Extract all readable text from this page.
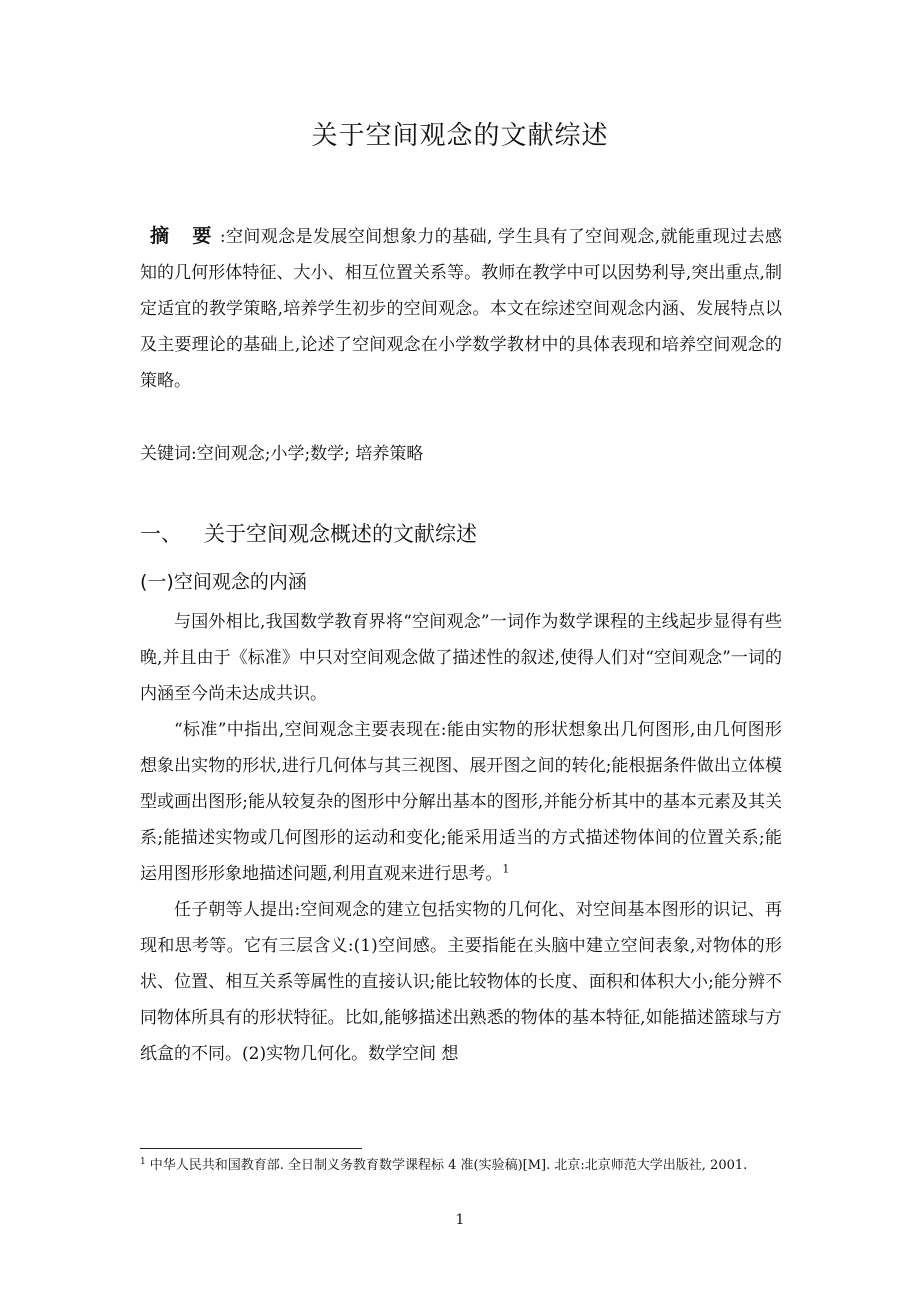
关于空间观念的文献综述

摘 要:空间观念是发展空间想象力的基础, 学生具有了空间观念,就能重现过去感知的几何形体特征、大小、相互位置关系等。教师在教学中可以因势利导,突出重点,制定适宜的教学策略,培养学生初步的空间观念。本文在综述空间观念内涵、发展特点以及主要理论的基础上,论述了空间观念在小学数学教材中的具体表现和培养空间观念的策略。

关键词:空间观念;小学;数学; 培养策略

一、 关于空间观念概述的文献综述
(一)空间观念的内涵

与国外相比,我国数学教育界将“空间观念”一词作为数学课程的主线起步显得有些晚,并且由于《标准》中只对空间观念做了描述性的叙述,使得人们对“空间观念”一词的内涵至今尚未达成共识。

“标准”中指出,空间观念主要表现在:能由实物的形状想象出几何图形,由几何图形想象出实物的形状,进行几何体与其三视图、展开图之间的转化;能根据条件做出立体模型或画出图形;能从较复杂的图形中分解出基本的图形,并能分析其中的基本元素及其关系;能描述实物或几何图形的运动和变化;能采用适当的方式描述物体间的位置关系;能运用图形形象地描述问题,利用直观来进行思考。$^1$

任子朝等人提出:空间观念的建立包括实物的几何化、对空间基本图形的识记、再现和思考等。它有三层含义:(1)空间感。主要指能在头脑中建立空间表象,对物体的形状、位置、相互关系等属性的直接认识;能比较物体的长度、面积和体积大小;能分辨不同物体所具有的形状特征。比如,能够描述出熟悉的物体的基本特征,如能描述篮球与方纸盒的不同。(2)实物几何化。数学空间 想

$^1$ 中华人民共和国教育部. 全日制义务教育数学课程标 4 准(实验稿)[M]. 北京:北京师范大学出版社, 2001.

1
